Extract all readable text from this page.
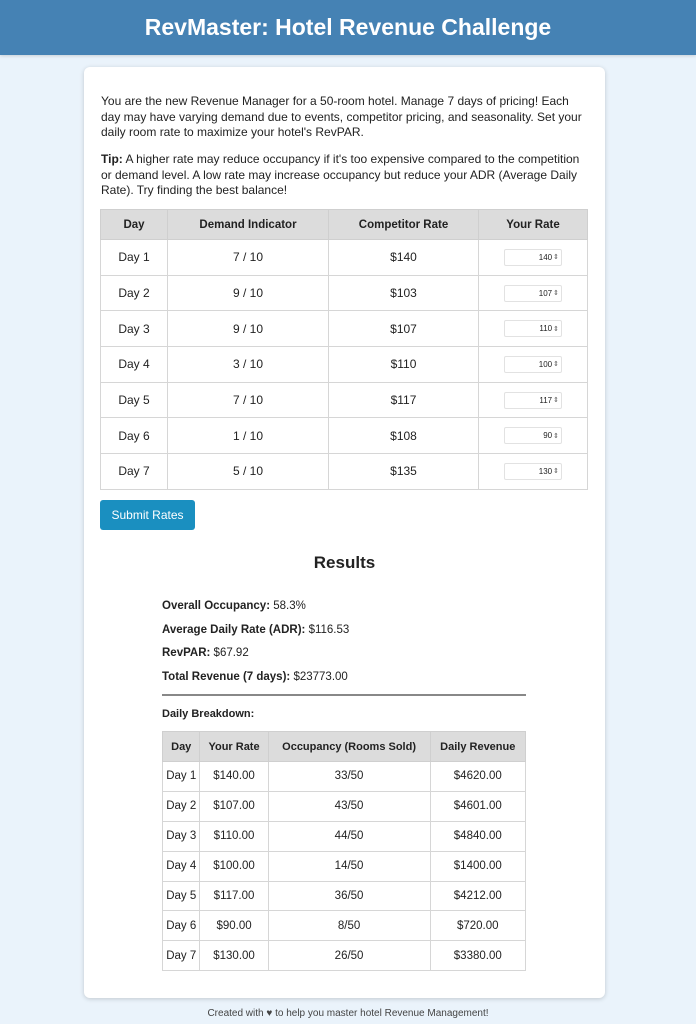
RevMaster: Hotel Revenue Challenge

You are the new Revenue Manager for a 50-room hotel. Manage 7 days of pricing! Each day may have varying demand due to events, competitor pricing, and seasonality. Set your daily room rate to maximize your hotel's RevPAR.

Tip: A higher rate may reduce occupancy if it's too expensive compared to the competition or demand level. A low rate may increase occupancy but reduce your ADR (Average Daily Rate). Try finding the best balance!

Day	Demand Indicator	Competitor Rate	Your Rate
Day 1	7 / 10	$140	140 ⇕

Day 2	9 / 10	$103	107 ⇕

Day 3	9 / 10	$107	110 ⇕

Day 4	3 / 10	$110	100 ⇕

Day 5	7 / 10	$117	117 ⇕

Day 6	1 / 10	$108	90 ⇕

Day 7	5 / 10	$135	130 ⇕
Submit Rates
Results
Overall Occupancy: 58.3%
Average Daily Rate (ADR): $116.53
RevPAR: $67.92
Total Revenue (7 days): $23773.00
Daily Breakdown:
Day	Your Rate	Occupancy (Rooms Sold)	Daily Revenue
Day 1	$140.00	33/50	$4620.00
Day 2	$107.00	43/50	$4601.00
Day 3	$110.00	44/50	$4840.00
Day 4	$100.00	14/50	$1400.00
Day 5	$117.00	36/50	$4212.00
Day 6	$90.00	8/50	$720.00
Day 7	$130.00	26/50	$3380.00
Created with ♥ to help you master hotel Revenue Management!
